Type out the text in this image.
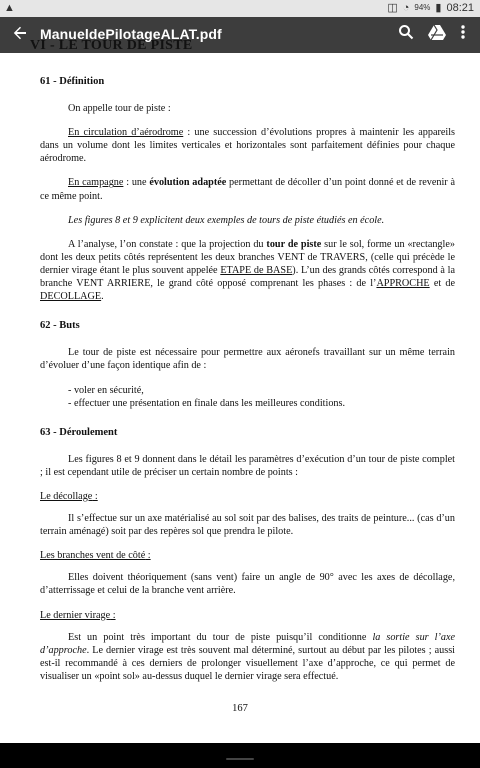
▲	◫ ◔ 94% ▮ 08:21
ManueldePilotageALAT.pdf
VI - LE TOUR DE PISTE

61 - Définition

On appelle tour de piste :

En circulation d’aérodrome : une succession d’évolutions propres à maintenir les appareils dans un volume dont les limites verticales et horizontales sont parfaitement définies pour chaque aérodrome.

En campagne : une évolution adaptée permettant de décoller d’un point donné et de revenir à ce même point.

Les figures 8 et 9 explicitent deux exemples de tours de piste étudiés en école.

A l’analyse, l’on constate : que la projection du tour de piste sur le sol, forme un «rectangle» dont les deux petits côtés représentent les deux branches VENT de TRAVERS, (celle qui précède le dernier virage étant le plus souvent appelée ETAPE de BASE). L’un des grands côtés correspond à la branche VENT ARRIERE, le grand côté opposé comprenant les phases : de l’APPROCHE et de DECOLLAGE.

62 - Buts

Le tour de piste est nécessaire pour permettre aux aéronefs travaillant sur un même terrain d’évoluer d’une façon identique afin de :

- voler en sécurité,

- effectuer une présentation en finale dans les meilleures conditions.

63 - Déroulement

Les figures 8 et 9 donnent dans le détail les paramètres d’exécution d’un tour de piste complet ; il est cependant utile de préciser un certain nombre de points :

Le décollage :

Il s’effectue sur un axe matérialisé au sol soit par des balises, des traits de peinture... (cas d’un terrain aménagé) soit par des repères sol que prendra le pilote.

Les branches vent de côté :

Elles doivent théoriquement (sans vent) faire un angle de 90° avec les axes de décollage, d’atterrissage et celui de la branche vent arrière.

Le dernier virage :

Est un point très important du tour de piste puisqu’il conditionne la sortie sur l’axe d’approche. Le dernier virage est très souvent mal déterminé, surtout au début par les pilotes ; aussi est-il recommandé à ces derniers de prolonger visuellement l’axe d’approche, ce qui permet de visualiser un «point sol» au-dessus duquel le dernier virage sera effectué.

167
